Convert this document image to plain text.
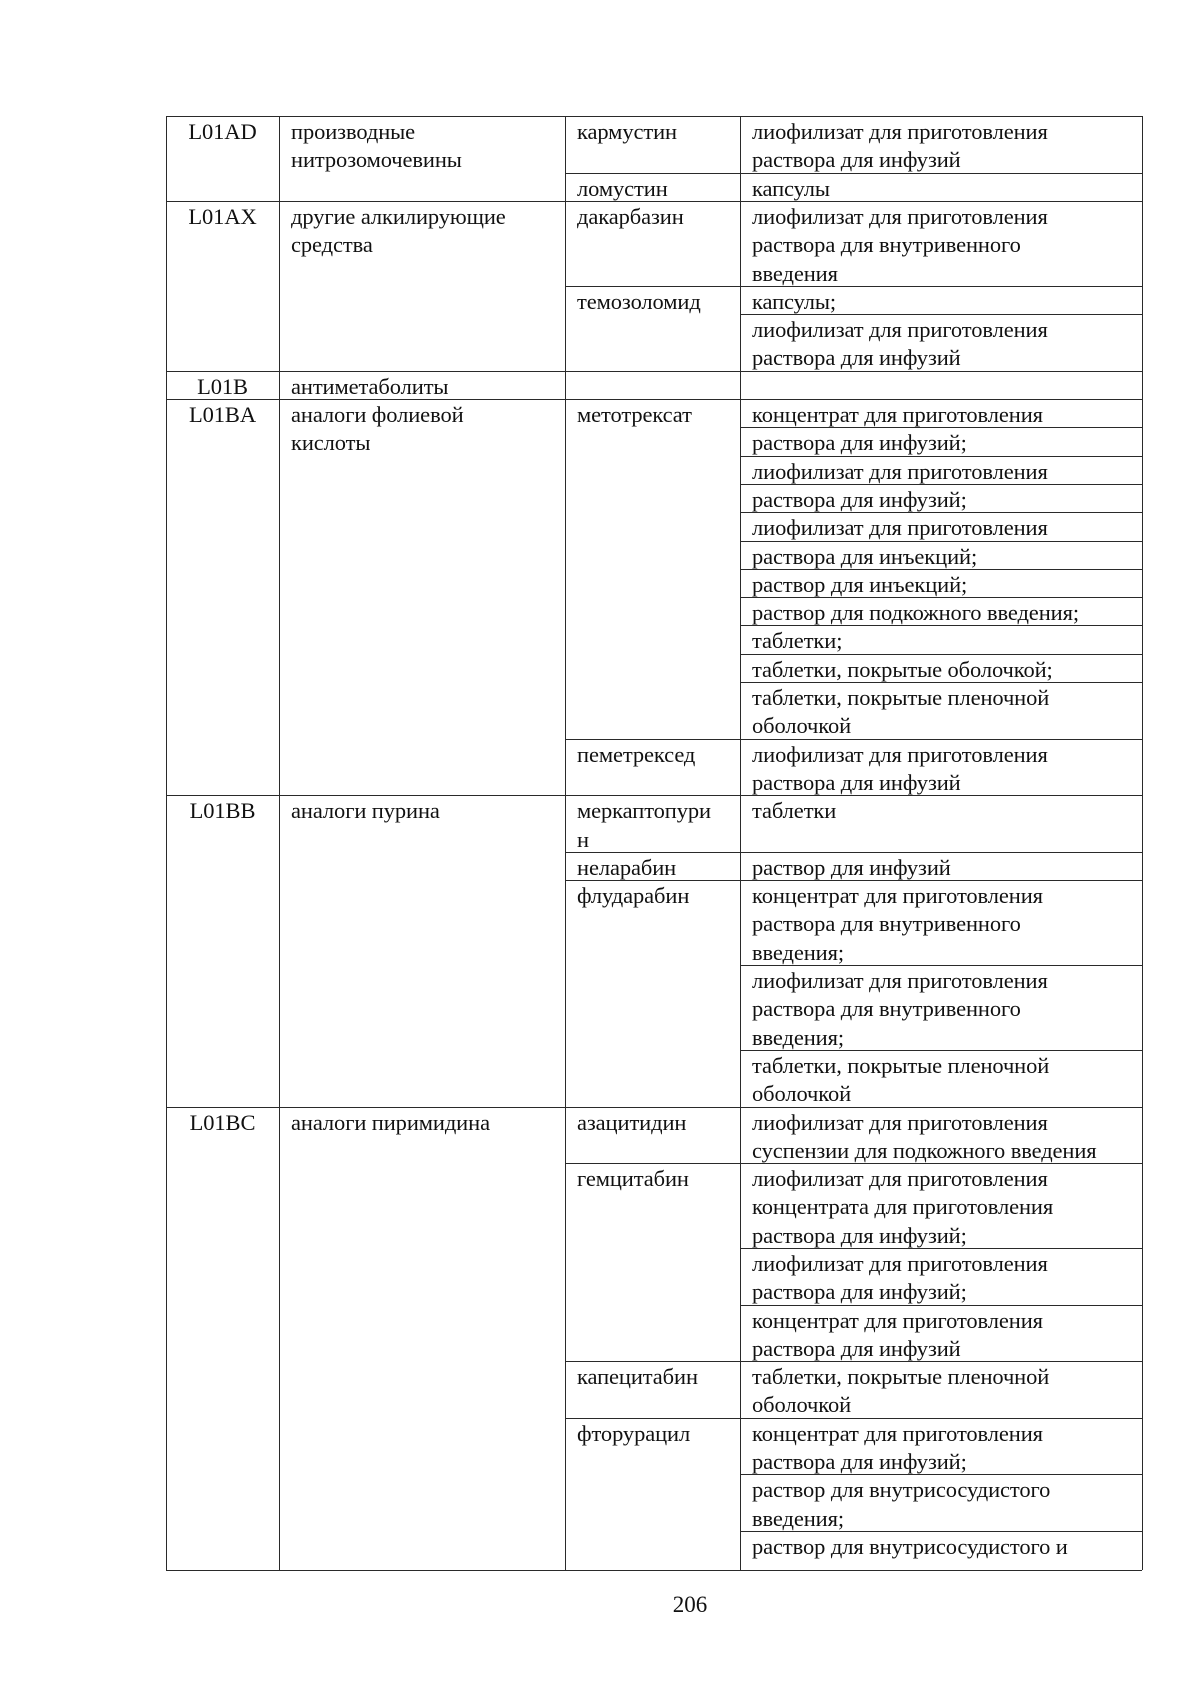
L01AD	производные
нитрозомочевины
кармустин	лиофилизат для приготовления
раствора для инфузий
ломустин	капсулы
L01AX	другие алкилирующие
средства
дакарбазин	лиофилизат для приготовления
раствора для внутривенного
введения
темозоломид	капсулы;
лиофилизат для приготовления
раствора для инфузий
L01B	антиметаболиты
L01BA	аналоги фолиевой
кислоты
метотрексат	концентрат для приготовления
раствора для инфузий;
лиофилизат для приготовления
раствора для инфузий;
лиофилизат для приготовления
раствора для инъекций;
раствор для инъекций;
раствор для подкожного введения;
таблетки;
таблетки, покрытые оболочкой;
таблетки, покрытые пленочной
оболочкой
пеметрексед	лиофилизат для приготовления
раствора для инфузий
L01BB	аналоги пурина	меркаптопури
н
таблетки
неларабин	раствор для инфузий
флударабин	концентрат для приготовления
раствора для внутривенного
введения;
лиофилизат для приготовления
раствора для внутривенного
введения;
таблетки, покрытые пленочной
оболочкой
L01BC	аналоги пиримидина	азацитидин	лиофилизат для приготовления
суспензии для подкожного введения
гемцитабин	лиофилизат для приготовления
концентрата для приготовления
раствора для инфузий;
лиофилизат для приготовления
раствора для инфузий;
концентрат для приготовления
раствора для инфузий
капецитабин	таблетки, покрытые пленочной
оболочкой
фторурацил	концентрат для приготовления
раствора для инфузий;
раствор для внутрисосудистого
введения;
раствор для внутрисосудистого и
206
